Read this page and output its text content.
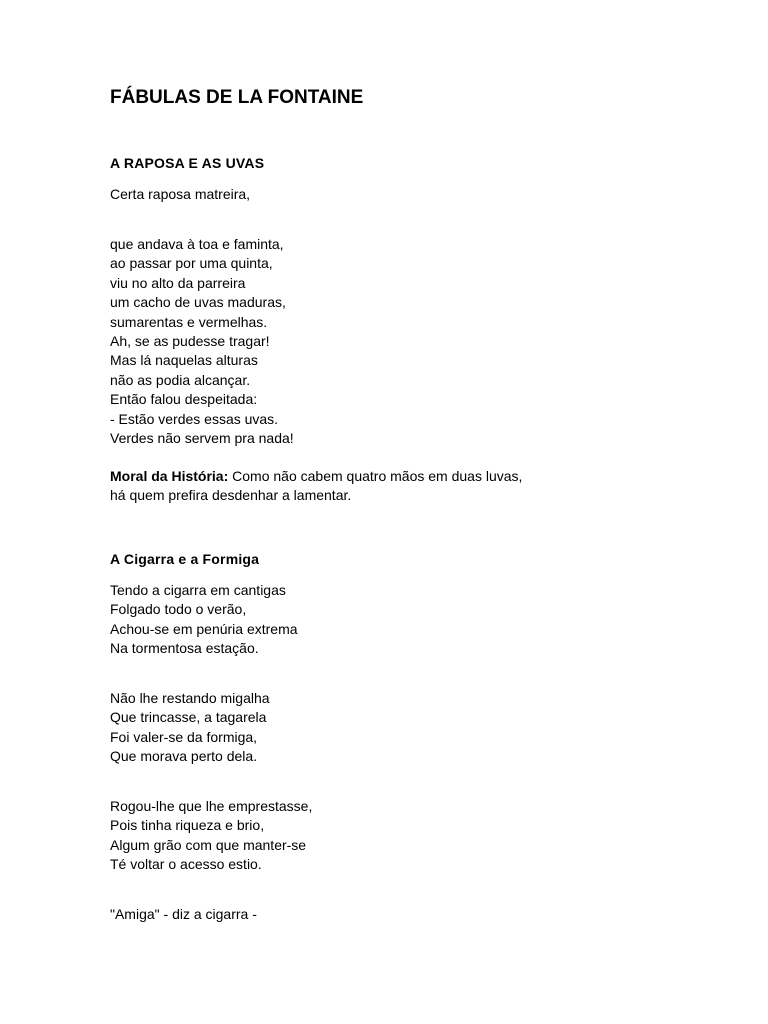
FÁBULAS DE LA FONTAINE
A RAPOSA E AS UVAS

Certa raposa matreira,

que andava à toa e faminta,
ao passar por uma quinta,
viu no alto da parreira
um cacho de uvas maduras,
sumarentas e vermelhas.
Ah, se as pudesse tragar!
Mas lá naquelas alturas
não as podia alcançar.
Então falou despeitada:
- Estão verdes essas uvas.
Verdes não servem pra nada!

Moral da História: Como não cabem quatro mãos em duas luvas, há quem prefira desdenhar a lamentar.

A Cigarra e a Formiga

Tendo a cigarra em cantigas
Folgado todo o verão,
Achou-se em penúria extrema
Na tormentosa estação.

Não lhe restando migalha
Que trincasse, a tagarela
Foi valer-se da formiga,
Que morava perto dela.

Rogou-lhe que lhe emprestasse,
Pois tinha riqueza e brio,
Algum grão com que manter-se
Té voltar o acesso estio.

"Amiga" - diz a cigarra -
